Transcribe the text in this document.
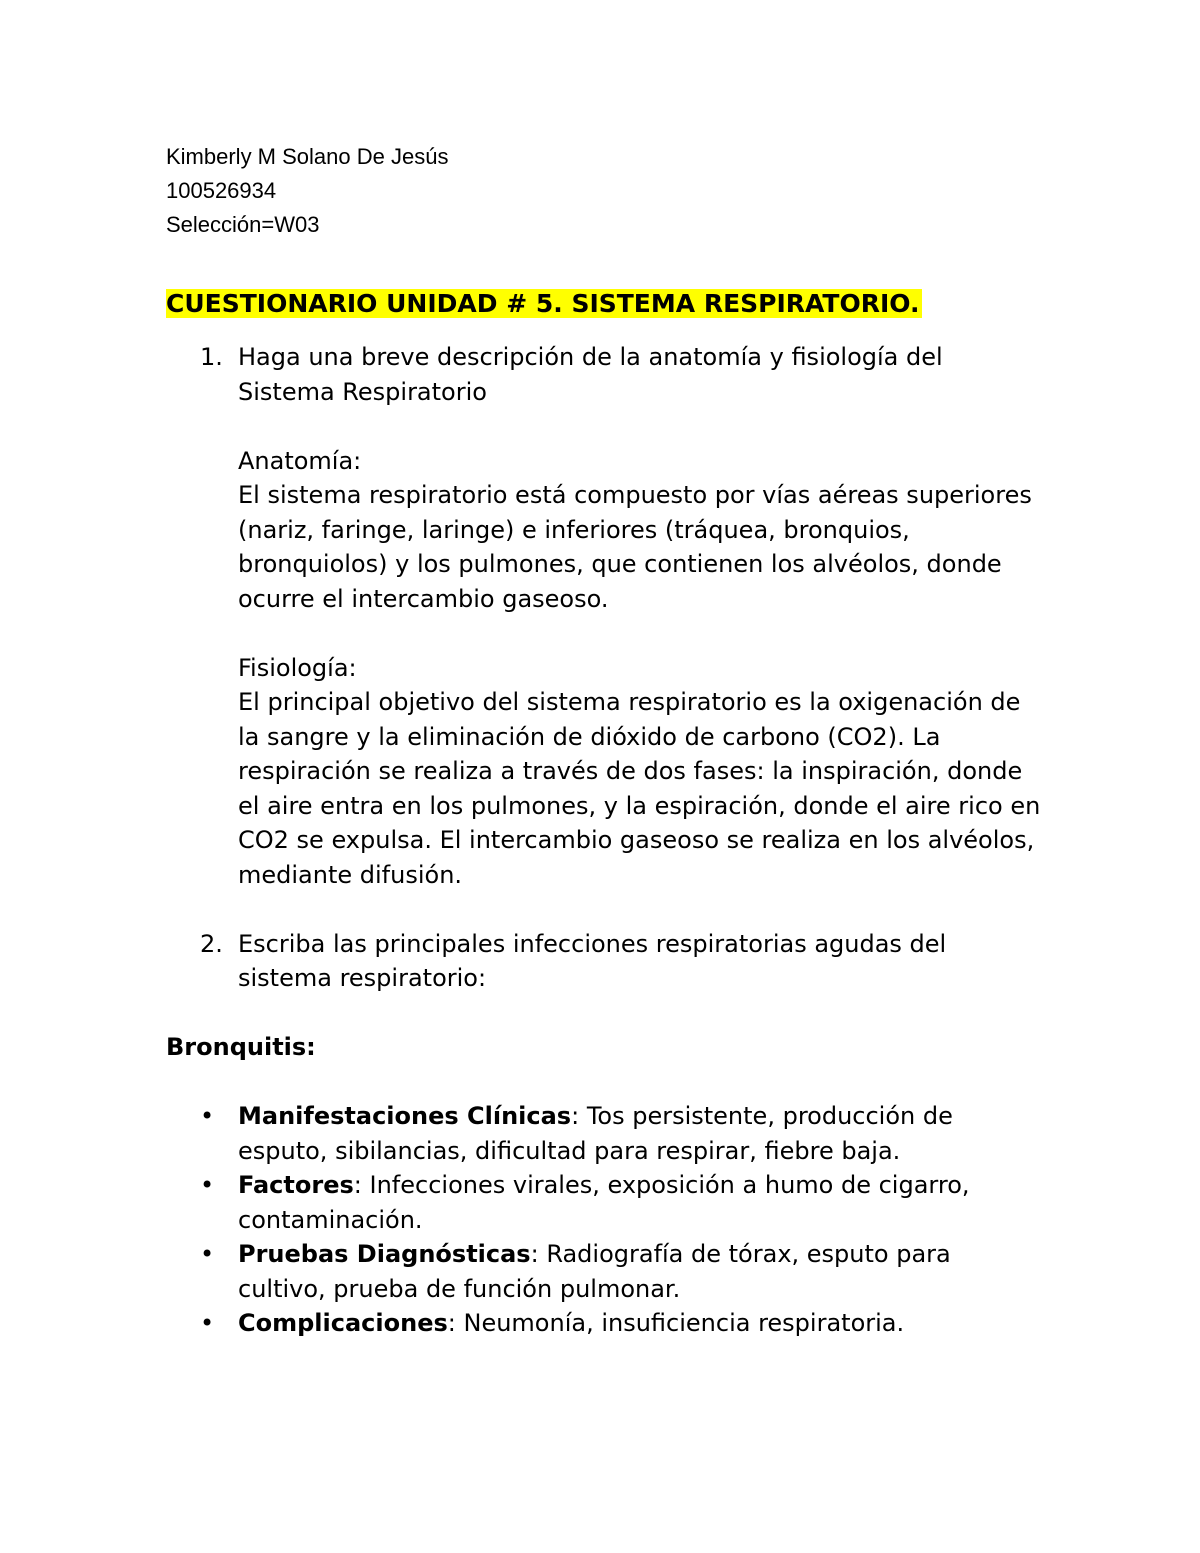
Kimberly M Solano De Jesús
100526934
Selección=W03
CUESTIONARIO UNIDAD # 5. SISTEMA RESPIRATORIO.
1. Haga una breve descripción de la anatomía y fisiología del Sistema Respiratorio

Anatomía:

El sistema respiratorio está compuesto por vías aéreas superiores (nariz, faringe, laringe) e inferiores (tráquea, bronquios, bronquiolos) y los pulmones, que contienen los alvéolos, donde ocurre el intercambio gaseoso.

Fisiología:

El principal objetivo del sistema respiratorio es la oxigenación de la sangre y la eliminación de dióxido de carbono (CO2). La respiración se realiza a través de dos fases: la inspiración, donde el aire entra en los pulmones, y la espiración, donde el aire rico en CO2 se expulsa. El intercambio gaseoso se realiza en los alvéolos, mediante difusión.

2. Escriba las principales infecciones respiratorias agudas del sistema respiratorio:

Bronquitis:

• Manifestaciones Clínicas: Tos persistente, producción de esputo, sibilancias, dificultad para respirar, fiebre baja.
• Factores: Infecciones virales, exposición a humo de cigarro, contaminación.
• Pruebas Diagnósticas: Radiografía de tórax, esputo para cultivo, prueba de función pulmonar.
• Complicaciones: Neumonía, insuficiencia respiratoria.
